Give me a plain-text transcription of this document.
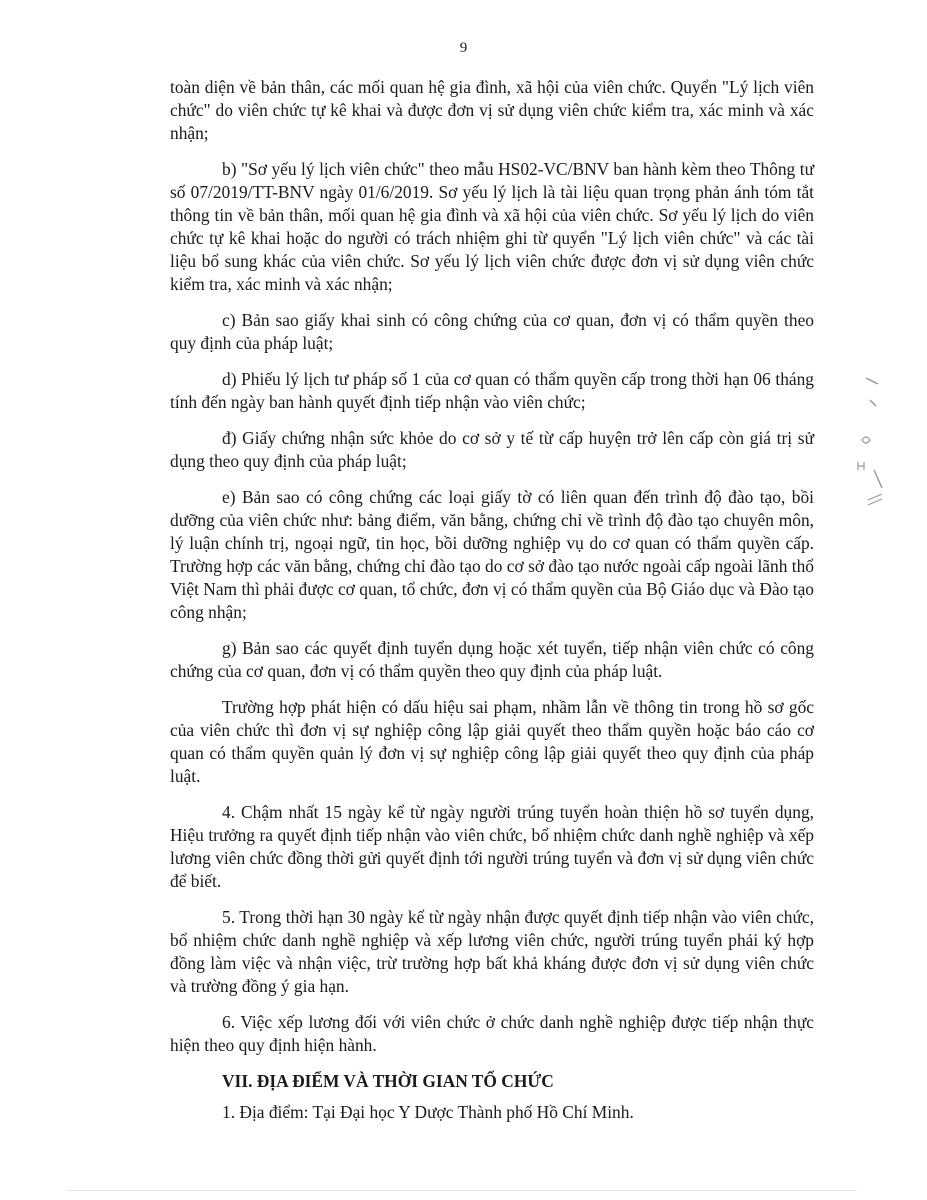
9

toàn diện về bản thân, các mối quan hệ gia đình, xã hội của viên chức. Quyển "Lý lịch viên chức" do viên chức tự kê khai và được đơn vị sử dụng viên chức kiểm tra, xác minh và xác nhận;

b) "Sơ yếu lý lịch viên chức" theo mẫu HS02-VC/BNV ban hành kèm theo Thông tư số 07/2019/TT-BNV ngày 01/6/2019. Sơ yếu lý lịch là tài liệu quan trọng phản ánh tóm tắt thông tin về bản thân, mối quan hệ gia đình và xã hội của viên chức. Sơ yếu lý lịch do viên chức tự kê khai hoặc do người có trách nhiệm ghi từ quyển "Lý lịch viên chức" và các tài liệu bổ sung khác của viên chức. Sơ yếu lý lịch viên chức được đơn vị sử dụng viên chức kiểm tra, xác minh và xác nhận;

c) Bản sao giấy khai sinh có công chứng của cơ quan, đơn vị có thẩm quyền theo quy định của pháp luật;

d) Phiếu lý lịch tư pháp số 1 của cơ quan có thẩm quyền cấp trong thời hạn 06 tháng tính đến ngày ban hành quyết định tiếp nhận vào viên chức;

đ) Giấy chứng nhận sức khỏe do cơ sở y tế từ cấp huyện trở lên cấp còn giá trị sử dụng theo quy định của pháp luật;

e) Bản sao có công chứng các loại giấy tờ có liên quan đến trình độ đào tạo, bồi dưỡng của viên chức như: bảng điểm, văn bằng, chứng chỉ về trình độ đào tạo chuyên môn, lý luận chính trị, ngoại ngữ, tin học, bồi dưỡng nghiệp vụ do cơ quan có thẩm quyền cấp. Trường hợp các văn bằng, chứng chỉ đào tạo do cơ sở đào tạo nước ngoài cấp ngoài lãnh thổ Việt Nam thì phải được cơ quan, tổ chức, đơn vị có thẩm quyền của Bộ Giáo dục và Đào tạo công nhận;

g) Bản sao các quyết định tuyển dụng hoặc xét tuyển, tiếp nhận viên chức có công chứng của cơ quan, đơn vị có thẩm quyền theo quy định của pháp luật.

Trường hợp phát hiện có dấu hiệu sai phạm, nhầm lẫn về thông tin trong hồ sơ gốc của viên chức thì đơn vị sự nghiệp công lập giải quyết theo thẩm quyền hoặc báo cáo cơ quan có thẩm quyền quản lý đơn vị sự nghiệp công lập giải quyết theo quy định của pháp luật.

4. Chậm nhất 15 ngày kể từ ngày người trúng tuyển hoàn thiện hồ sơ tuyển dụng, Hiệu trưởng ra quyết định tiếp nhận vào viên chức, bổ nhiệm chức danh nghề nghiệp và xếp lương viên chức đồng thời gửi quyết định tới người trúng tuyển và đơn vị sử dụng viên chức để biết.

5. Trong thời hạn 30 ngày kể từ ngày nhận được quyết định tiếp nhận vào viên chức, bổ nhiệm chức danh nghề nghiệp và xếp lương viên chức, người trúng tuyển phải ký hợp đồng làm việc và nhận việc, trừ trường hợp bất khả kháng được đơn vị sử dụng viên chức và trường đồng ý gia hạn.

6. Việc xếp lương đối với viên chức ở chức danh nghề nghiệp được tiếp nhận thực hiện theo quy định hiện hành.

VII. ĐỊA ĐIỂM VÀ THỜI GIAN TỔ CHỨC

1. Địa điểm: Tại Đại học Y Dược Thành phố Hồ Chí Minh.
